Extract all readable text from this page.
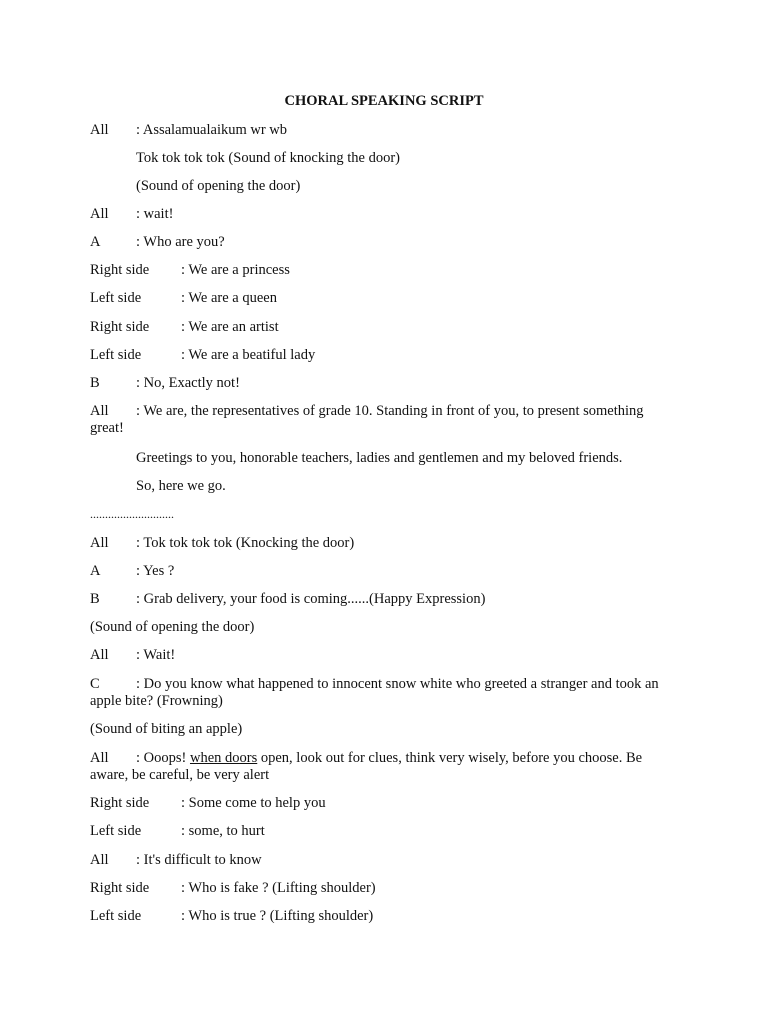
CHORAL SPEAKING SCRIPT
All : Assalamualaikum wr wb
Tok tok tok tok (Sound of knocking the door)
(Sound of opening the door)
All : wait!
A : Who are you?
Right side : We are a princess
Left side	: We are a queen
Right side : We are an artist
Left side	: We are a beatiful lady
B	: No, Exactly not!
All : We are, the representatives of grade 10. Standing in front of you, to present something great!
Greetings to you, honorable teachers, ladies and gentlemen and my beloved friends.
So, here we go.
............................
All : Tok tok tok tok (Knocking the door)
A : Yes ?
B	: Grab delivery, your food is coming......(Happy Expression)
(Sound of opening the door)
All : Wait!
C	: Do you know what happened to innocent snow white who greeted a stranger and took an apple bite? (Frowning)
(Sound of biting an apple)
All : Ooops! when doors open, look out for clues, think very wisely, before you choose. Be aware, be careful, be very alert
Right side : Some come to help you
Left side	: some, to hurt
All : It's difficult to know
Right side : Who is fake ? (Lifting shoulder)
Left side	: Who is true ? (Lifting shoulder)
